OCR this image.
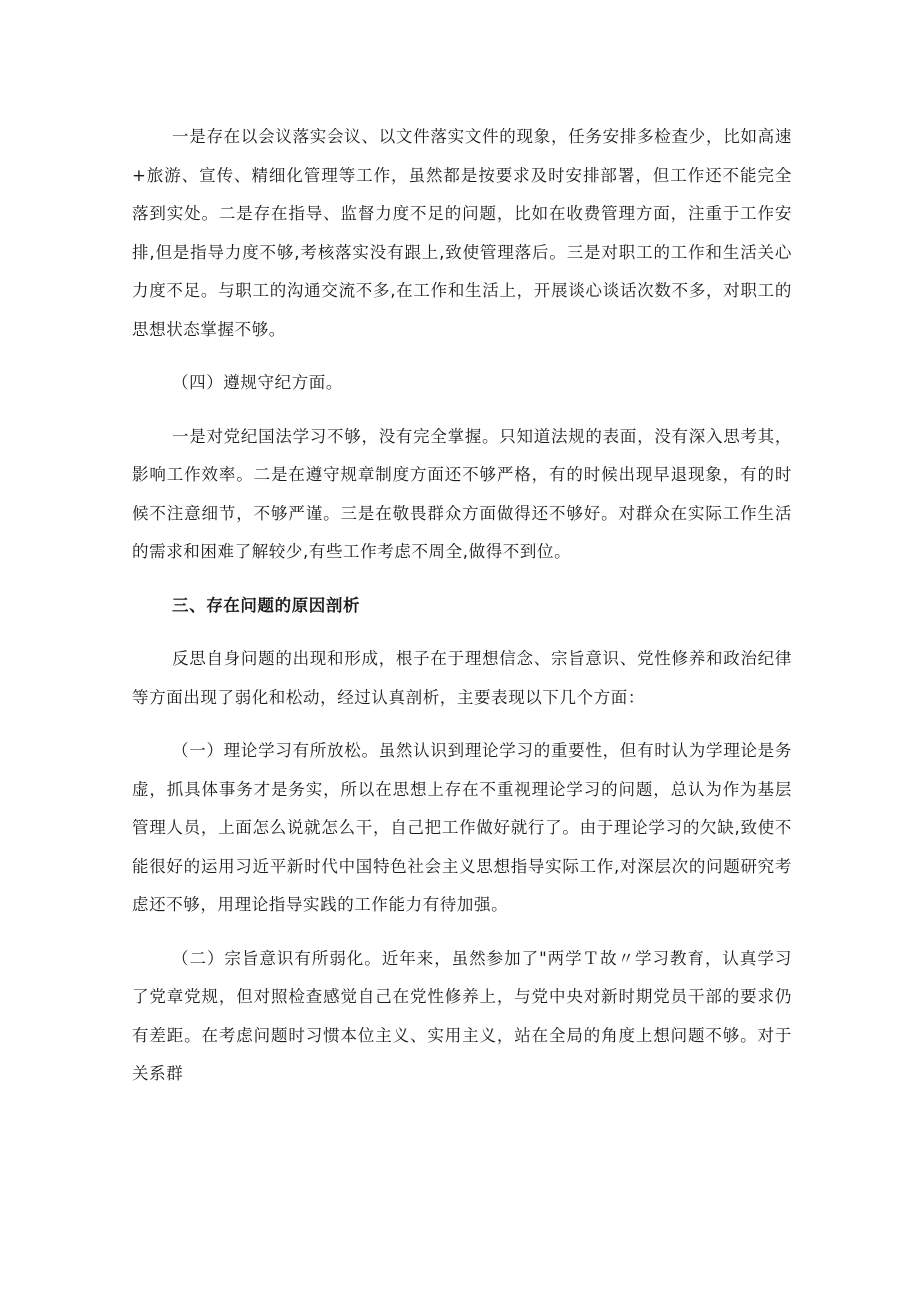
一是存在以会议落实会议、以文件落实文件的现象，任务安排多检查少，比如高速+旅游、宣传、精细化管理等工作，虽然都是按要求及时安排部署，但工作还不能完全落到实处。二是存在指导、监督力度不足的问题，比如在收费管理方面，注重于工作安排,但是指导力度不够,考核落实没有跟上,致使管理落后。三是对职工的工作和生活关心力度不足。与职工的沟通交流不多,在工作和生活上，开展谈心谈话次数不多，对职工的思想状态掌握不够。

（四）遵规守纪方面。

一是对党纪国法学习不够，没有完全掌握。只知道法规的表面，没有深入思考其，影响工作效率。二是在遵守规章制度方面还不够严格，有的时候出现早退现象，有的时候不注意细节，不够严谨。三是在敬畏群众方面做得还不够好。对群众在实际工作生活的需求和困难了解较少,有些工作考虑不周全,做得不到位。

三、存在问题的原因剖析

反思自身问题的出现和形成，根子在于理想信念、宗旨意识、党性修养和政治纪律等方面出现了弱化和松动，经过认真剖析，主要表现以下几个方面：

（一）理论学习有所放松。虽然认识到理论学习的重要性，但有时认为学理论是务虚，抓具体事务才是务实，所以在思想上存在不重视理论学习的问题，总认为作为基层管理人员，上面怎么说就怎么干，自己把工作做好就行了。由于理论学习的欠缺,致使不能很好的运用习近平新时代中国特色社会主义思想指导实际工作,对深层次的问题研究考虑还不够，用理论指导实践的工作能力有待加强。

（二）宗旨意识有所弱化。近年来，虽然参加了"两学Ｔ故〃学习教育，认真学习了党章党规，但对照检查感觉自己在党性修养上，与党中央对新时期党员干部的要求仍有差距。在考虑问题时习惯本位主义、实用主义，站在全局的角度上想问题不够。对于关系群
